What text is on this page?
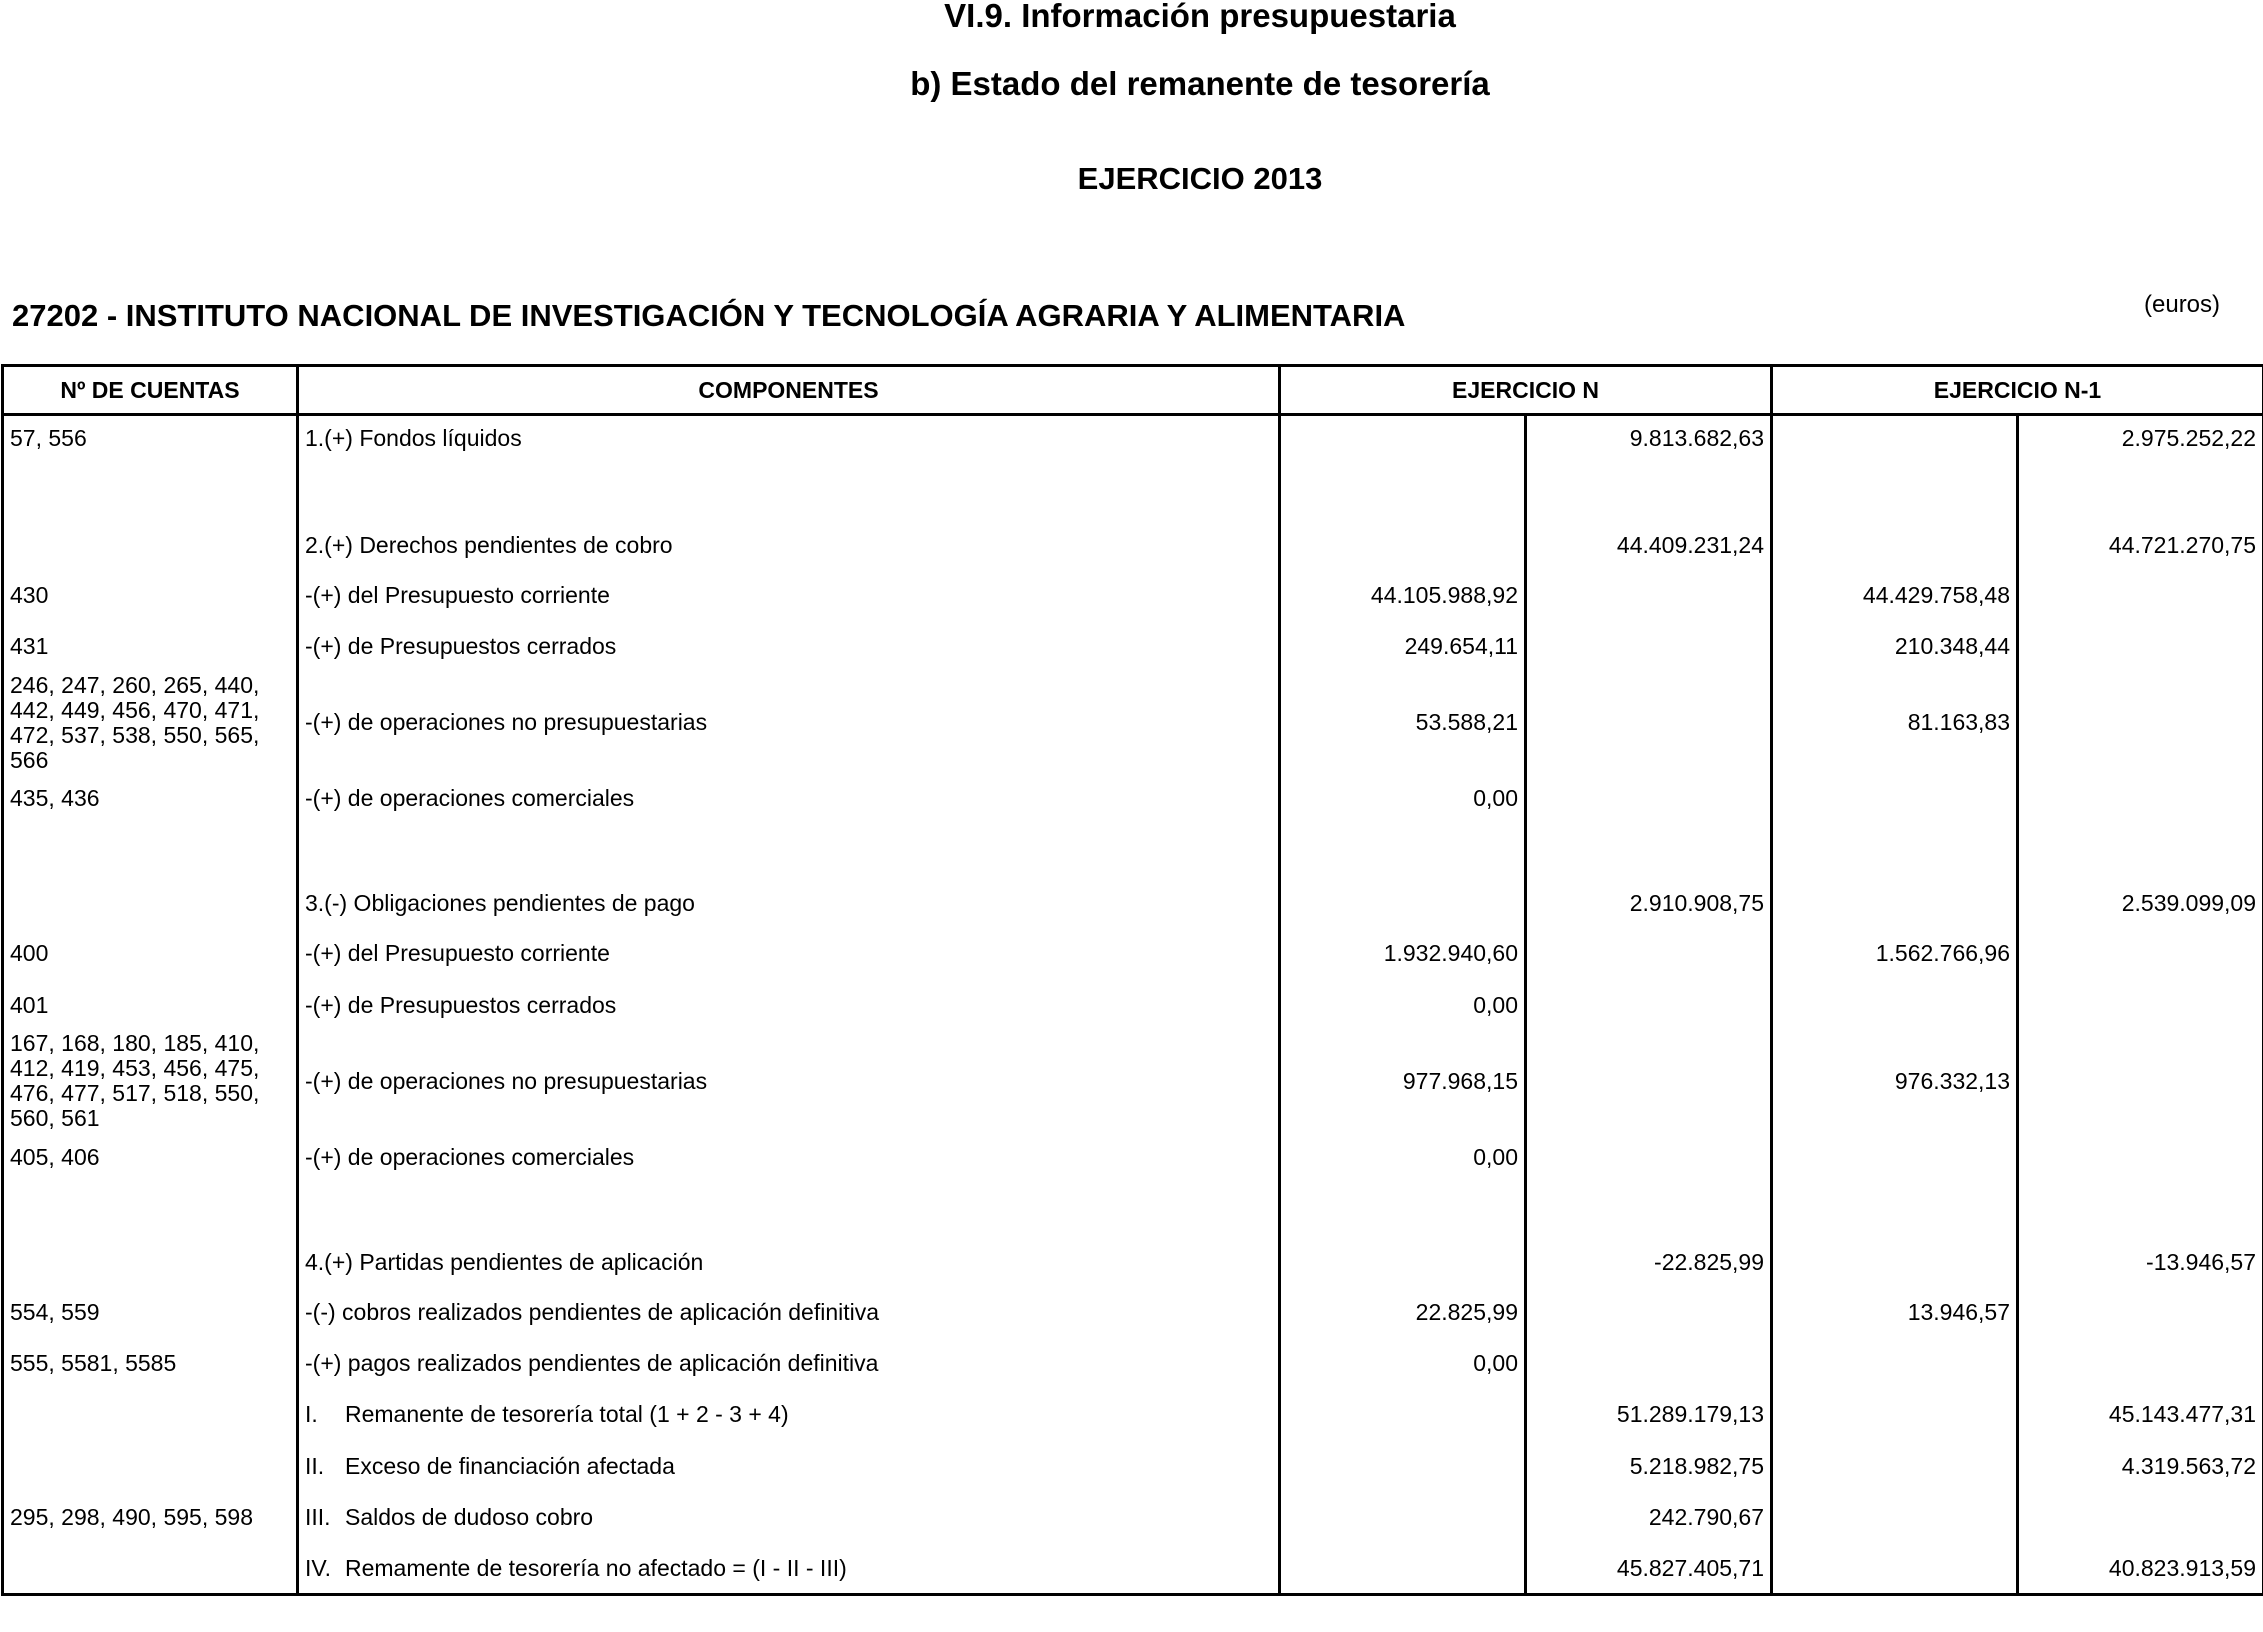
VI.9. Información presupuestaria
b) Estado del remanente de tesorería
EJERCICIO 2013
27202 - INSTITUTO NACIONAL DE INVESTIGACIÓN Y TECNOLOGÍA AGRARIA Y ALIMENTARIA	(euros)
Nº DE CUENTAS	COMPONENTES	EJERCICIO N		EJERCICIO N-1	
57, 556	1.(+) Fondos líquidos		9.813.682,63		2.975.252,22
	2.(+) Derechos pendientes de cobro		44.409.231,24		44.721.270,75
430	-(+) del Presupuesto corriente	44.105.988,92		44.429.758,48	
431	-(+) de Presupuestos cerrados	249.654,11		210.348,44	
246, 247, 260, 265, 440, 442, 449, 456, 470, 471, 472, 537, 538, 550, 565, 566	-(+) de operaciones no presupuestarias	53.588,21		81.163,83	
435, 436	-(+) de operaciones comerciales	0,00			
	3.(-) Obligaciones pendientes de pago		2.910.908,75		2.539.099,09
400	-(+) del Presupuesto corriente	1.932.940,60		1.562.766,96	
401	-(+) de Presupuestos cerrados	0,00			
167, 168, 180, 185, 410, 412, 419, 453, 456, 475, 476, 477, 517, 518, 550, 560, 561	-(+) de operaciones no presupuestarias	977.968,15		976.332,13	
405, 406	-(+) de operaciones comerciales	0,00			
	4.(+) Partidas pendientes de aplicación		-22.825,99		-13.946,57
554, 559	-(-) cobros realizados pendientes de aplicación definitiva	22.825,99		13.946,57	
555, 5581, 5585	-(+) pagos realizados pendientes de aplicación definitiva	0,00			
	I. Remanente de tesorería total (1 + 2 - 3 + 4)		51.289.179,13		45.143.477,31
	II. Exceso de financiación afectada		5.218.982,75		4.319.563,72
295, 298, 490, 595, 598	III. Saldos de dudoso cobro		242.790,67		
	IV. Remamente de tesorería no afectado = (I - II - III)		45.827.405,71		40.823.913,59
